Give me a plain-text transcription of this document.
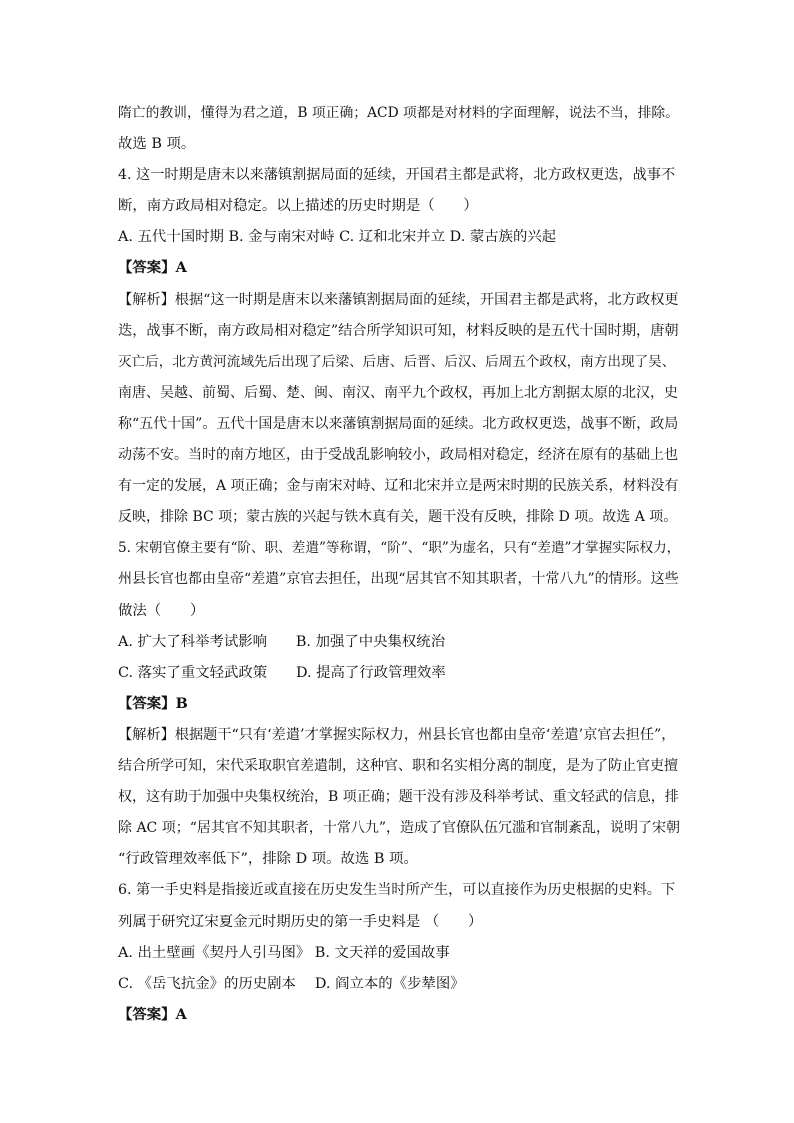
隋亡的教训，懂得为君之道，B 项正确；ACD 项都是对材料的字面理解，说法不当，排除。
故选 B 项。
4. 这一时期是唐末以来藩镇割据局面的延续，开国君主都是武将，北方政权更迭，战事不
断，南方政局相对稳定。以上描述的历史时期是（　　）
A. 五代十国时期 B. 金与南宋对峙 C. 辽和北宋并立 D. 蒙古族的兴起
【答案】A
【解析】根据“这一时期是唐末以来藩镇割据局面的延续，开国君主都是武将，北方政权更
迭，战事不断，南方政局相对稳定”结合所学知识可知，材料反映的是五代十国时期，唐朝
灭亡后，北方黄河流域先后出现了后梁、后唐、后晋、后汉、后周五个政权，南方出现了吴、
南唐、吴越、前蜀、后蜀、楚、闽、南汉、南平九个政权，再加上北方割据太原的北汉，史
称“五代十国”。五代十国是唐末以来藩镇割据局面的延续。北方政权更迭，战事不断，政局
动荡不安。当时的南方地区，由于受战乱影响较小，政局相对稳定，经济在原有的基础上也
有一定的发展，A 项正确；金与南宋对峙、辽和北宋并立是两宋时期的民族关系，材料没有
反映，排除 BC 项；蒙古族的兴起与铁木真有关，题干没有反映，排除 D 项。故选 A 项。
5. 宋朝官僚主要有“阶、职、差遣”等称谓，“阶”、“职”为虚名，只有“差遣”才掌握实际权力，
州县长官也都由皇帝“差遣”京官去担任，出现“居其官不知其职者，十常八九”的情形。这些
做法（　　）
A. 扩大了科举考试影响　　B. 加强了中央集权统治
C. 落实了重文轻武政策　　D. 提高了行政管理效率
【答案】B
【解析】根据题干“只有‘差遣’才掌握实际权力，州县长官也都由皇帝‘差遣’京官去担任”，
结合所学可知，宋代采取职官差遣制，这种官、职和名实相分离的制度，是为了防止官吏擅
权，这有助于加强中央集权统治，B 项正确；题干没有涉及科举考试、重文轻武的信息，排
除 AC 项；“居其官不知其职者，十常八九”，造成了官僚队伍冗滥和官制紊乱，说明了宋朝
“行政管理效率低下”，排除 D 项。故选 B 项。
6. 第一手史料是指接近或直接在历史发生当时所产生，可以直接作为历史根据的史料。下
列属于研究辽宋夏金元时期历史的第一手史料是 （　　）
A. 出土壁画《契丹人引马图》 B. 文天祥的爱国故事
C. 《岳飞抗金》的历史剧本　 D. 阎立本的《步辇图》
【答案】A
